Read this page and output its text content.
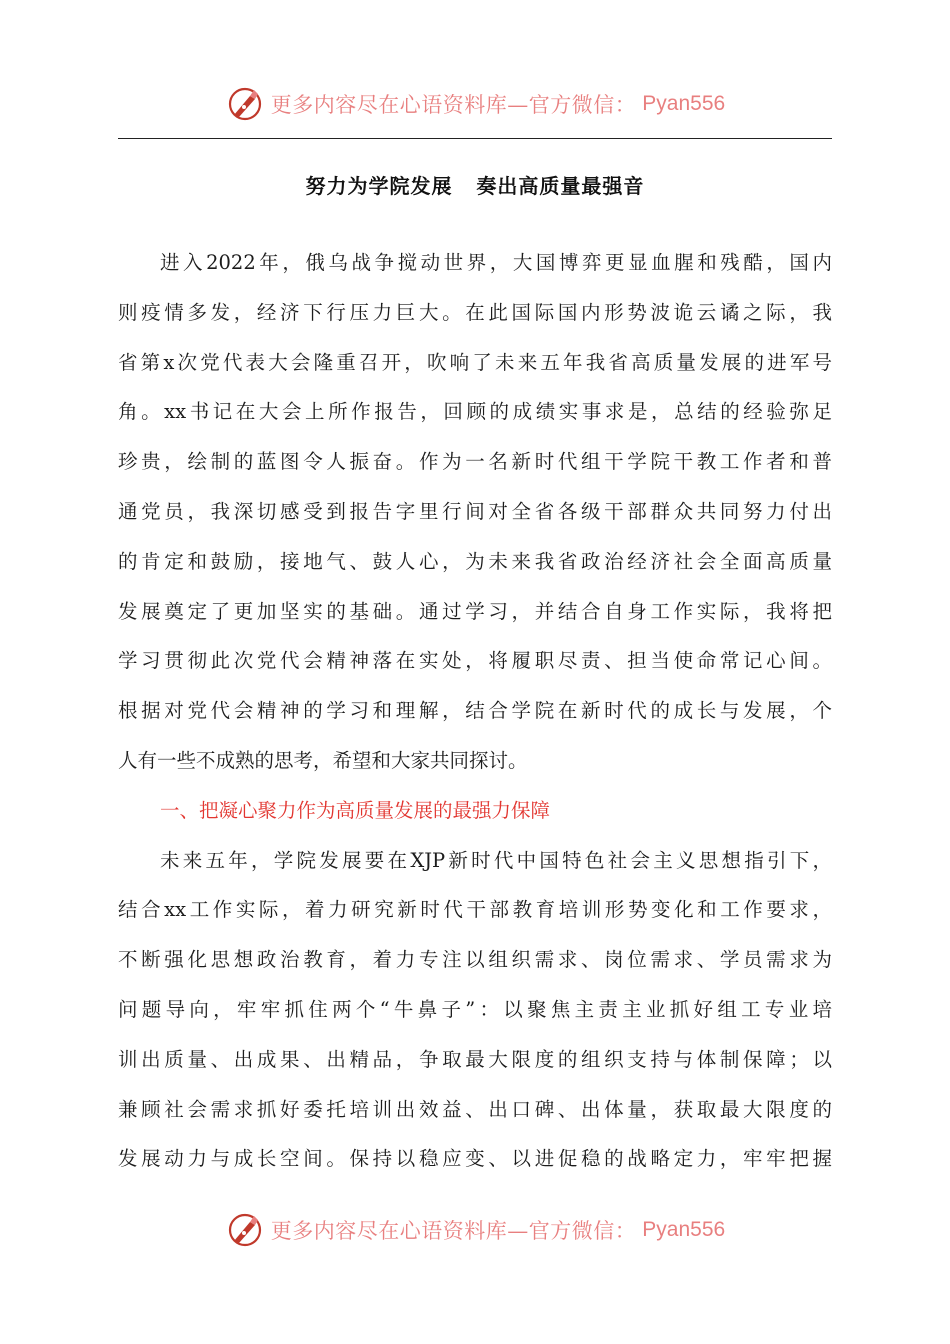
更多内容尽在心语资料库—官方微信： Pyan556
努力为学院发展   奏出高质量最强音
进入2022年，俄乌战争搅动世界，大国博弈更显血腥和残酷，国内
则疫情多发，经济下行压力巨大。在此国际国内形势波诡云谲之际，我
省第x次党代表大会隆重召开，吹响了未来五年我省高质量发展的进军号
角。xx书记在大会上所作报告，回顾的成绩实事求是，总结的经验弥足
珍贵，绘制的蓝图令人振奋。作为一名新时代组干学院干教工作者和普
通党员，我深切感受到报告字里行间对全省各级干部群众共同努力付出
的肯定和鼓励，接地气、鼓人心，为未来我省政治经济社会全面高质量
发展奠定了更加坚实的基础。通过学习，并结合自身工作实际，我将把
学习贯彻此次党代会精神落在实处，将履职尽责、担当使命常记心间。
根据对党代会精神的学习和理解，结合学院在新时代的成长与发展，个
人有一些不成熟的思考，希望和大家共同探讨。
一、把凝心聚力作为高质量发展的最强力保障
未来五年，学院发展要在XJP新时代中国特色社会主义思想指引下，
结合xx工作实际，着力研究新时代干部教育培训形势变化和工作要求，
不断强化思想政治教育，着力专注以组织需求、岗位需求、学员需求为
问题导向，牢牢抓住两个“牛鼻子”：以聚焦主责主业抓好组工专业培
训出质量、出成果、出精品，争取最大限度的组织支持与体制保障；以
兼顾社会需求抓好委托培训出效益、出口碑、出体量，获取最大限度的
发展动力与成长空间。保持以稳应变、以进促稳的战略定力，牢牢把握
更多内容尽在心语资料库—官方微信： Pyan556
